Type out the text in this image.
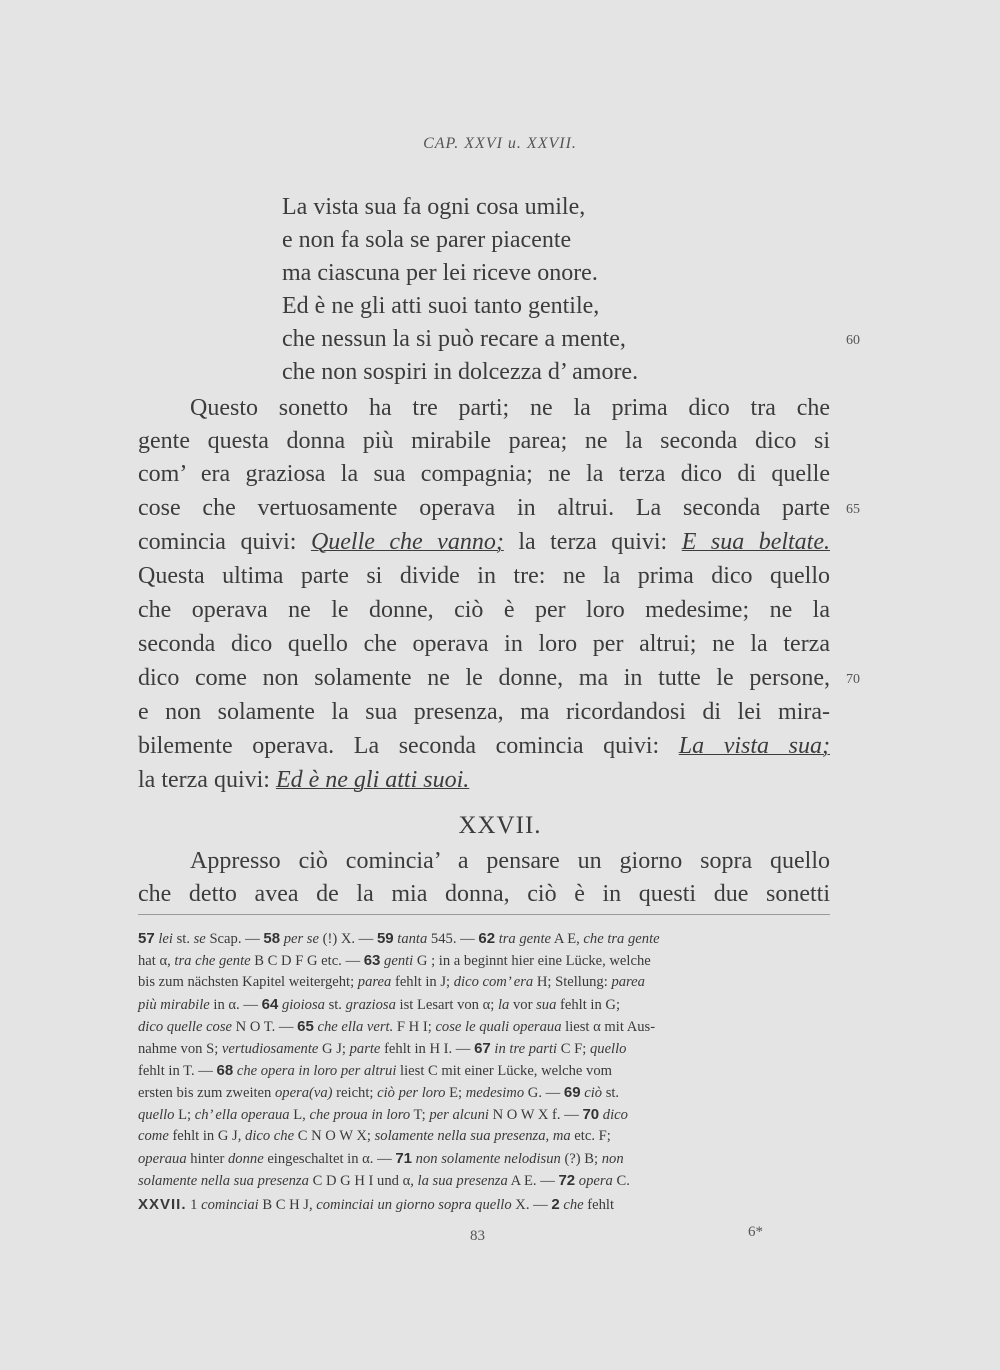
CAP. XXVI u. XXVII.
La vista sua fa ogni cosa umile,
e non fa sola se parer piacente
ma ciascuna per lei riceve onore.
Ed è ne gli atti suoi tanto gentile,
che nessun la si può recare a mente,	60
che non sospiri in dolcezza d’ amore.
Questo sonetto ha tre parti; ne la prima dico tra che
gente questa donna più mirabile parea; ne la seconda dico si
com’ era graziosa la sua compagnia; ne la terza dico di quelle
cose che vertuosamente operava in altrui. La seconda parte 65
comincia quivi: Quelle che vanno; la terza quivi: E sua beltate.
Questa ultima parte si divide in tre: ne la prima dico quello
che operava ne le donne, ciò è per loro medesime; ne la
seconda dico quello che operava in loro per altrui; ne la terza
dico come non solamente ne le donne, ma in tutte le persone, 70
e non solamente la sua presenza, ma ricordandosi di lei mira-
bilemente operava. La seconda comincia quivi: La vista sua;
la terza quivi: Ed è ne gli atti suoi.
XXVII.
Appresso ciò comincia’ a pensare un giorno sopra quello
che detto avea de la mia donna, ciò è in questi due sonetti
57 lei st. se Scap. — 58 per se (!) X. — 59 tanta 545. — 62 tra gente A E, che tra gente
hat α, tra che gente B C D F G etc. — 63 genti G ; in a beginnt hier eine Lücke, welche
bis zum nächsten Kapitel weitergeht; parea fehlt in J; dico com’ era H; Stellung: parea
più mirabile in α. — 64 gioiosa st. graziosa ist Lesart von α; la vor sua fehlt in G;
dico quelle cose N O T. — 65 che ella vert. F H I; cose le quali operaua liest α mit Aus-
nahme von S; vertudiosamente G J; parte fehlt in H I. — 67 in tre parti C F; quello
fehlt in T. — 68 che opera in loro per altrui liest C mit einer Lücke, welche vom
ersten bis zum zweiten opera(va) reicht; ciò per loro E; medesimo G. — 69 ciò st.
quello L; ch’ ella operaua L, che proua in loro T; per alcuni N O W X f. — 70 dico
come fehlt in G J, dico che C N O W X; solamente nella sua presenza, ma etc. F;
operaua hinter donne eingeschaltet in α. — 71 non solamente nelodisun (?) B; non
solamente nella sua presenza C D G H I und α, la sua presenza A E. — 72 opera C.
XXVII. 1 cominciai B C H J, cominciai un giorno sopra quello X. — 2 che fehlt
83	6*
